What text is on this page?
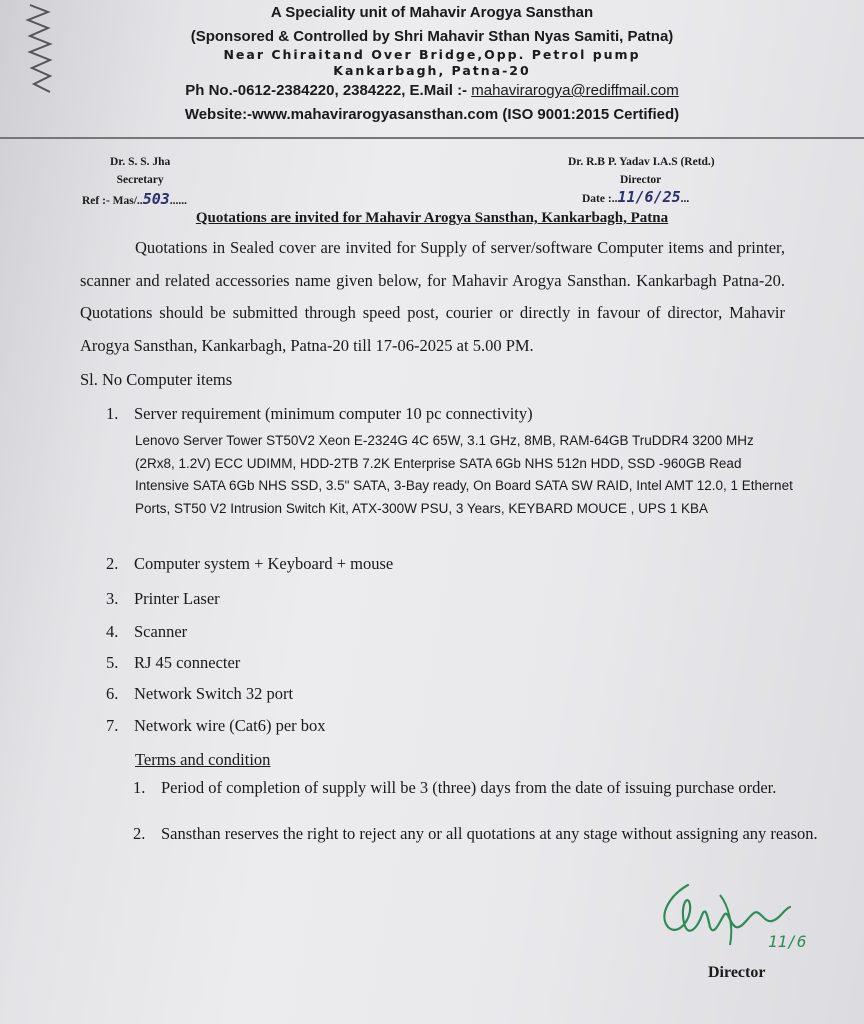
A Speciality unit of Mahavir Arogya Sansthan
(Sponsored & Controlled by Shri Mahavir Sthan Nyas Samiti, Patna)
Near Chiraitand Over Bridge,Opp. Petrol pump
Kankarbagh, Patna-20
Ph No.-0612-2384220, 2384222, E.Mail :- mahavirarogya@rediffmail.com
Website:-www.mahavirarogyasansthan.com (ISO 9001:2015 Certified)
Dr. S. S. Jha
Secretary
Dr. R.B P. Yadav I.A.S (Retd.)
Director
Ref :- Mas/..503......	Date :..11/6/25...
Quotations are invited for Mahavir Arogya Sansthan, Kankarbagh, Patna
Quotations in Sealed cover are invited for Supply of server/software Computer items and printer, scanner and related accessories name given below, for Mahavir Arogya Sansthan. Kankarbagh Patna-20. Quotations should be submitted through speed post, courier or directly in favour of director, Mahavir Arogya Sansthan, Kankarbagh, Patna-20 till 17-06-2025 at 5.00 PM.
Sl. No Computer items
1. Server requirement (minimum computer 10 pc connectivity)
Lenovo Server Tower ST50V2 Xeon E-2324G 4C 65W, 3.1 GHz, 8MB, RAM-64GB TruDDR4 3200 MHz (2Rx8, 1.2V) ECC UDIMM, HDD-2TB 7.2K Enterprise SATA 6Gb NHS 512n HDD, SSD -960GB Read Intensive SATA 6Gb NHS SSD, 3.5" SATA, 3-Bay ready, On Board SATA SW RAID, Intel AMT 12.0, 1 Ethernet Ports, ST50 V2 Intrusion Switch Kit, ATX-300W PSU, 3 Years, KEYBARD MOUCE , UPS 1 KBA
2. Computer system + Keyboard + mouse
3. Printer Laser
4. Scanner
5. RJ 45 connecter
6. Network Switch 32 port
7. Network wire (Cat6) per box
Terms and condition
1. Period of completion of supply will be 3 (three) days from the date of issuing purchase order.
2. Sansthan reserves the right to reject any or all quotations at any stage without assigning any reason.
11/6
Director
